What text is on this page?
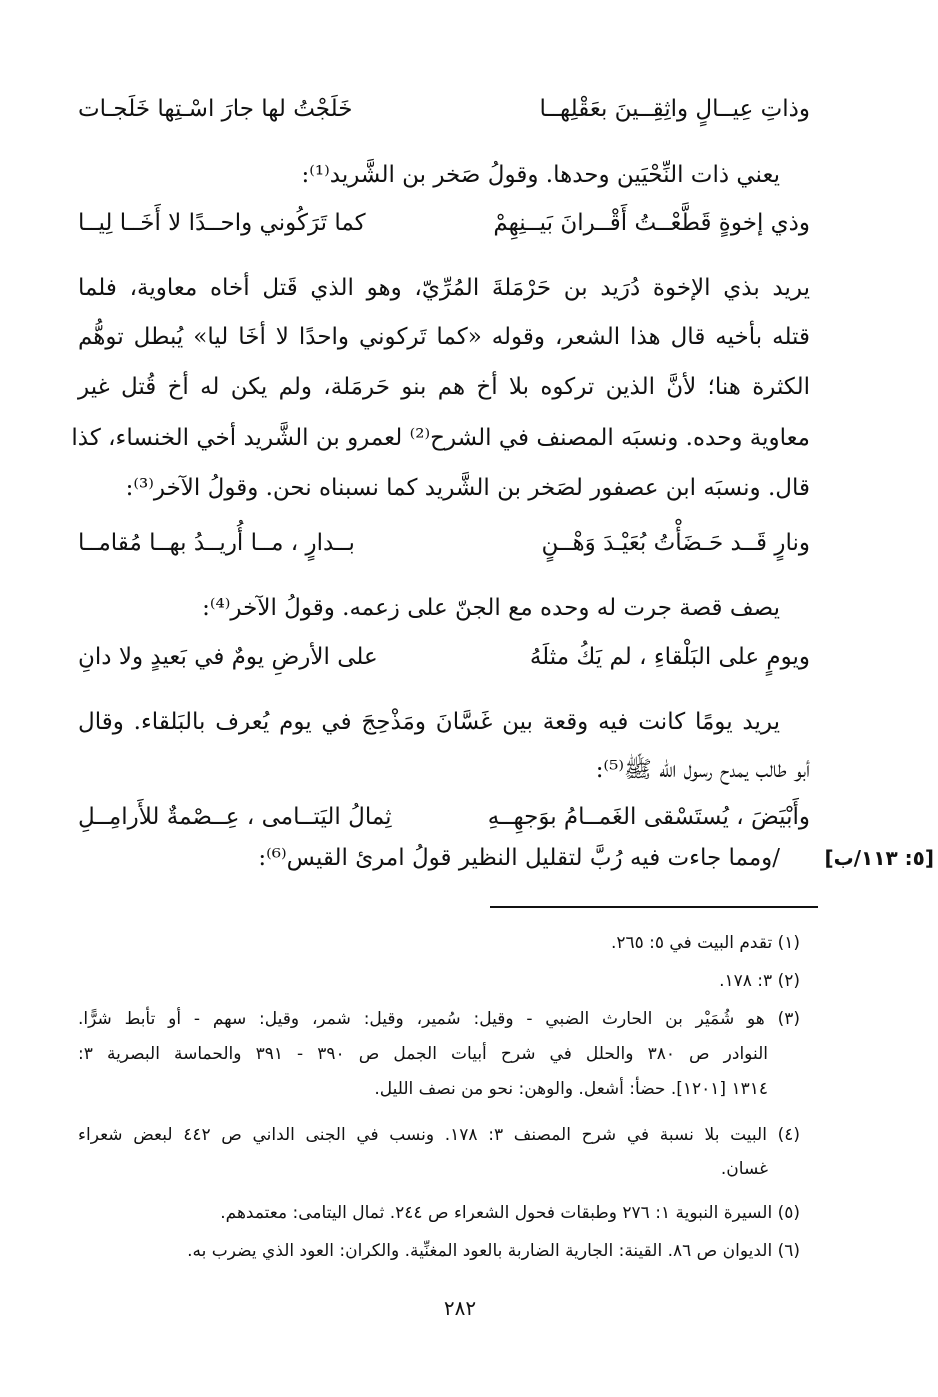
وذاتِ عِيــالٍ واثِقِــينَ بعَقْلِهــا
خَلَجْتُ لها جارَ اسْـتِها خَلَجـات
يعني ذات النِّحْيَين وحدها. وقولُ صَخر بن الشَّريد⁽¹⁾:
وذي إخوةٍ قَطَّعْــتُ أَقْــرانَ بَيــنِهِمْ
كما تَرَكُوني واحــدًا لا أَخَــا لِيــا
يريد بذي الإخوة دُرَيد بن حَرْمَلةَ المُرِّيّ، وهو الذي قَتل أخاه معاوية، فلما
قتله بأخيه قال هذا الشعر، وقوله «كما تَركوني واحدًا لا أخَا ليا» يُبطل توهُّم
الكثرة هنا؛ لأنَّ الذين تركوه بلا أخ هم بنو حَرمَلة، ولم يكن له أخ قُتل غير
معاوية وحده. ونسبَه المصنف في الشرح⁽²⁾ لعمرو بن الشَّريد أخي الخنساء، كذا
قال. ونسبَه ابن عصفور لصَخر بن الشَّريد كما نسبناه نحن. وقولُ الآخر⁽³⁾:
ونارٍ قَــد حَـضَأْتُ بُعَيْـدَ وَهْــنٍ
بــدارٍ ، مــا أُريــدُ بهــا مُقامــا
يصف قصة جرت له وحده مع الجنّ على زعمه. وقولُ الآخر⁽⁴⁾:
ويومٍ على البَلْقاءِ ، لم يَكُ مثلَهُ
على الأرضِ يومٌ في بَعيدٍ ولا دانِ
يريد يومًا كانت فيه وقعة بين غَسَّانَ ومَذْحِجَ في يوم يُعرف بالبَلقاء. وقال
أبو طالب يمدح رسول الله ﷺ⁽⁵⁾:
وأَبْيَضَ ، يُستَسْقى الغَمــامُ بوَجهِــهِ
ثِمالُ اليَتــامى ، عِــصْمةٌ للأَرامِــلِ
/ومما جاءت فيه رُبَّ لتقليل النظير قولُ امرئ القيس⁽⁶⁾: [٥: ١١٣/ب]
(١) تقدم البيت في ٥: ٢٦٥.
(٢) ٣: ١٧٨.
(٣) هو شُمَيْر بن الحارث الضبي - وقيل: سُمير، وقيل: شمر، وقيل: سهم - أو تأبط شرًّا.
النوادر ص ٣٨٠ والحلل في شرح أبيات الجمل ص ٣٩٠ - ٣٩١ والحماسة البصرية ٣:
١٣١٤ [١٢٠١]. حضأ: أشعل. والوهن: نحو من نصف الليل.
(٤) البيت بلا نسبة في شرح المصنف ٣: ١٧٨. ونسب في الجنى الداني ص ٤٤٢ لبعض شعراء
غسان.
(٥) السيرة النبوية ١: ٢٧٦ وطبقات فحول الشعراء ص ٢٤٤. ثمال اليتامى: معتمدهم.
(٦) الديوان ص ٨٦. القينة: الجارية الضاربة بالعود المغنِّية. والكران: العود الذي يضرب به.
٢٨٢
